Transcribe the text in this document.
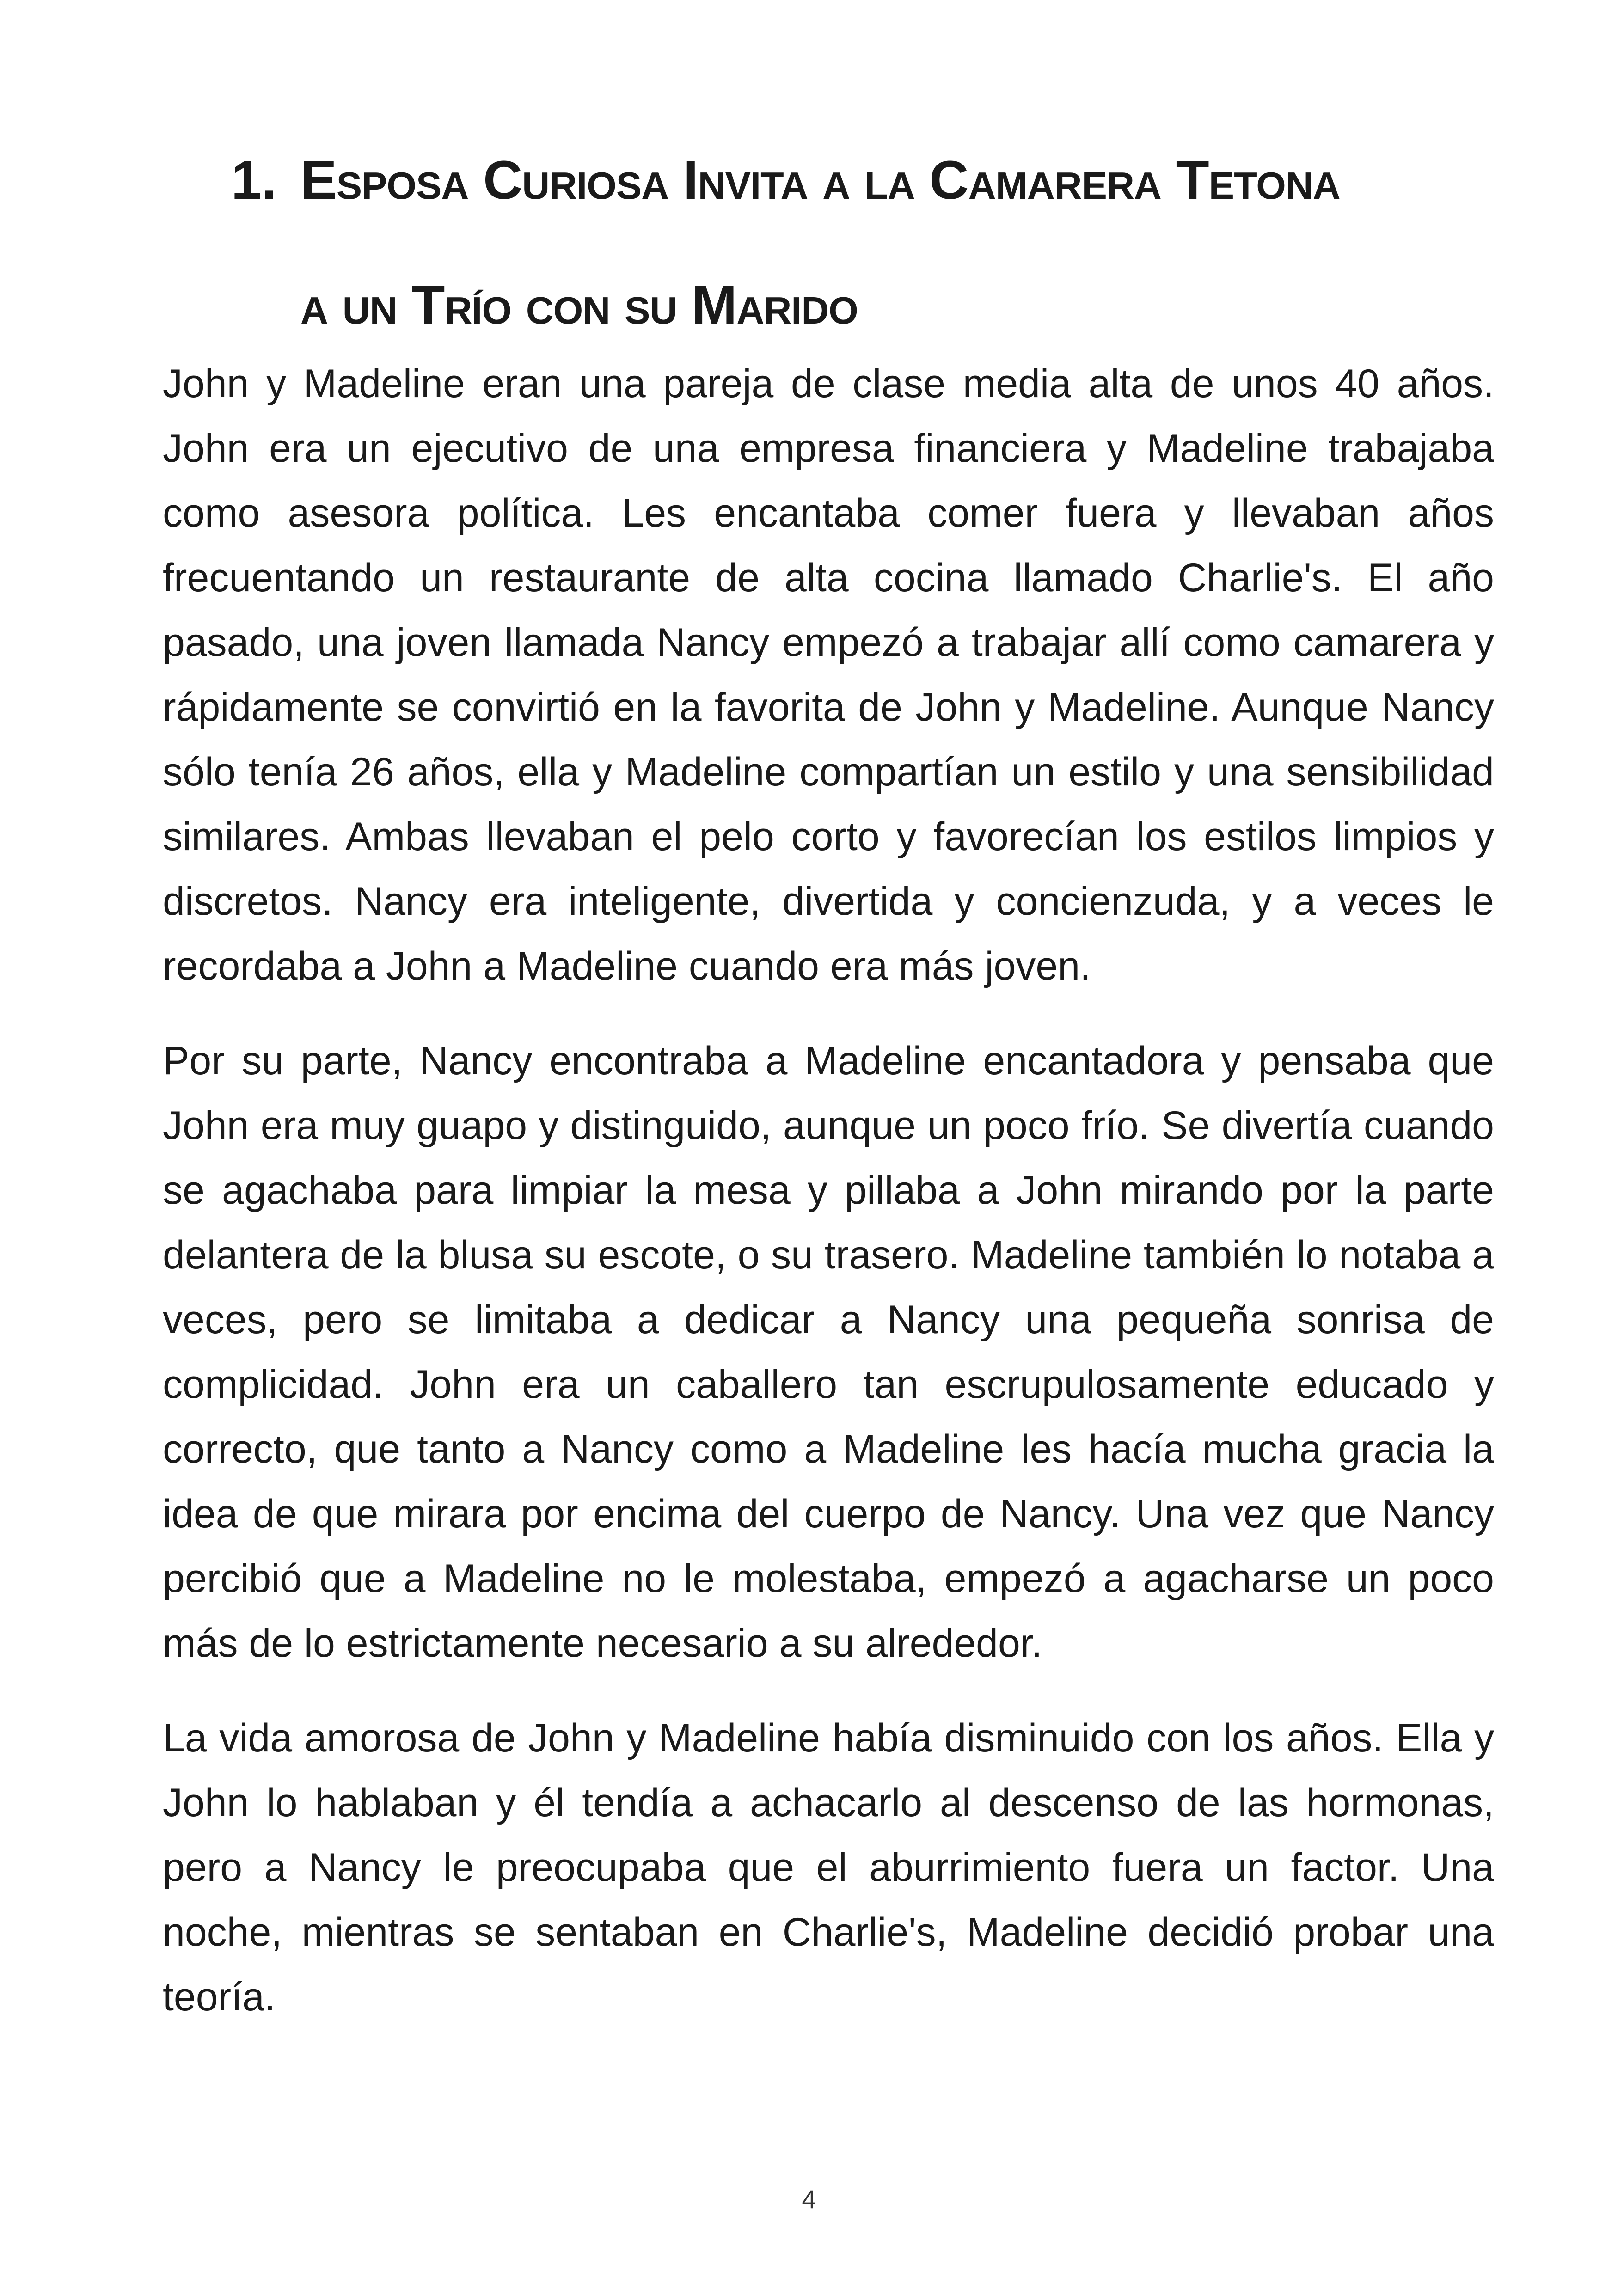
1. Esposa Curiosa Invita a la Camarera Tetona
a un Trío con su Marido

John y Madeline eran una pareja de clase media alta de unos 40 años. John era un ejecutivo de una empresa financiera y Madeline trabajaba como asesora política. Les encantaba comer fuera y llevaban años frecuentando un restaurante de alta cocina llamado Charlie's. El año pasado, una joven llamada Nancy empezó a trabajar allí como camarera y rápidamente se convirtió en la favorita de John y Madeline. Aunque Nancy sólo tenía 26 años, ella y Madeline compartían un estilo y una sensibilidad similares. Ambas llevaban el pelo corto y favorecían los estilos limpios y discretos. Nancy era inteligente, divertida y concienzuda, y a veces le recordaba a John a Madeline cuando era más joven.

Por su parte, Nancy encontraba a Madeline encantadora y pensaba que John era muy guapo y distinguido, aunque un poco frío. Se divertía cuando se agachaba para limpiar la mesa y pillaba a John mirando por la parte delantera de la blusa su escote, o su trasero. Madeline también lo notaba a veces, pero se limitaba a dedicar a Nancy una pequeña sonrisa de complicidad. John era un caballero tan escrupulosamente educado y correcto, que tanto a Nancy como a Madeline les hacía mucha gracia la idea de que mirara por encima del cuerpo de Nancy. Una vez que Nancy percibió que a Madeline no le molestaba, empezó a agacharse un poco más de lo estrictamente necesario a su alrededor.

La vida amorosa de John y Madeline había disminuido con los años. Ella y John lo hablaban y él tendía a achacarlo al descenso de las hormonas, pero a Nancy le preocupaba que el aburrimiento fuera un factor. Una noche, mientras se sentaban en Charlie's, Madeline decidió probar una teoría.

4
